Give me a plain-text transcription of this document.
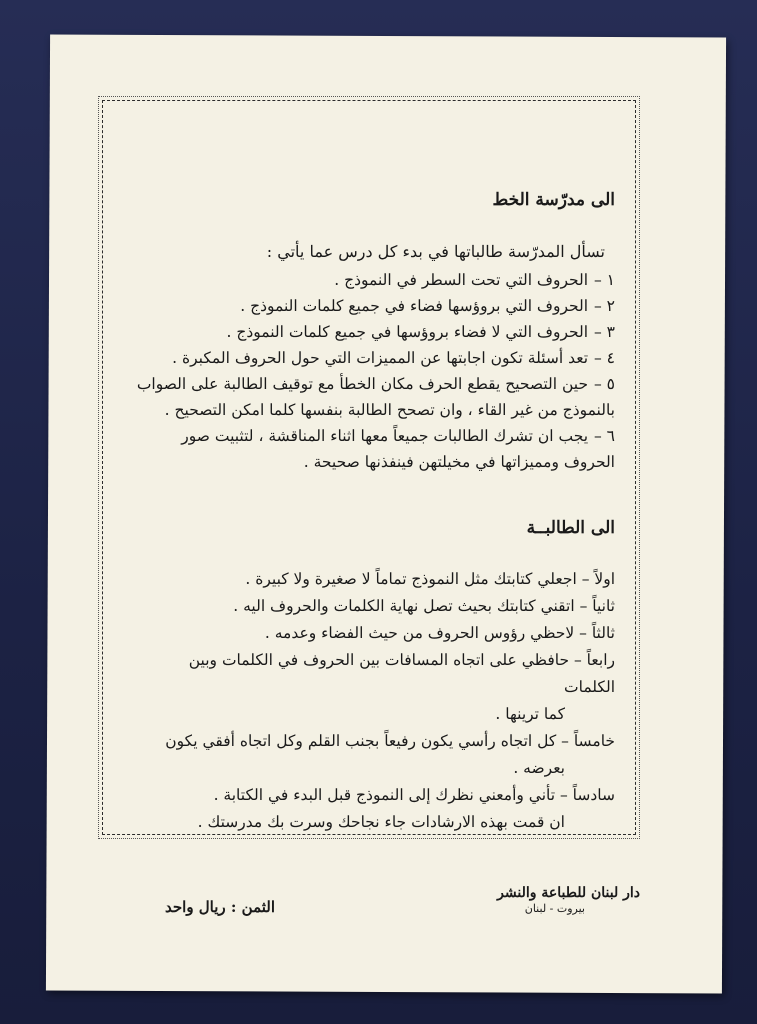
الى مدرّسة الخط

تسأل المدرّسة طالباتها في بدء كل درس عما يأتي :

١ – الحروف التي تحت السطر في النموذج .
٢ – الحروف التي بروؤسها فضاء في جميع كلمات النموذج .
٣ – الحروف التي لا فضاء بروؤسها في جميع كلمات النموذج .
٤ – تعد أسئلة تكون اجابتها عن المميزات التي حول الحروف المكبرة .
٥ – حين التصحيح يقطع الحرف مكان الخطأ مع توقيف الطالبة على الصواب
بالنموذج من غير القاء ، وان تصحح الطالبة بنفسها كلما امكن التصحيح .
٦ – يجب ان تشرك الطالبات جميعاً معها اثناء المناقشة ، لتثبيت صور
الحروف ومميزاتها في مخيلتهن فينفذنها صحيحة .

الى الطالبــة

اولاً – اجعلي كتابتك مثل النموذج تماماً لا صغيرة ولا كبيرة .
ثانياً – اتقني كتابتك بحيث تصل نهاية الكلمات والحروف اليه .
ثالثاً – لاحظي رؤوس الحروف من حيث الفضاء وعدمه .
رابعاً – حافظي على اتجاه المسافات بين الحروف في الكلمات وبين الكلمات
كما ترينها .
خامساً – كل اتجاه رأسي يكون رفيعاً بجنب القلم وكل اتجاه أفقي يكون
بعرضه .
سادساً – تأني وأمعني نظرك إلى النموذج قبل البدء في الكتابة .
ان قمت بهذه الارشادات جاء نجاحك وسرت بك مدرستك .
الثمن : ريال واحد
دار لبنان للطباعة والنشر
بيروت - لبنان
